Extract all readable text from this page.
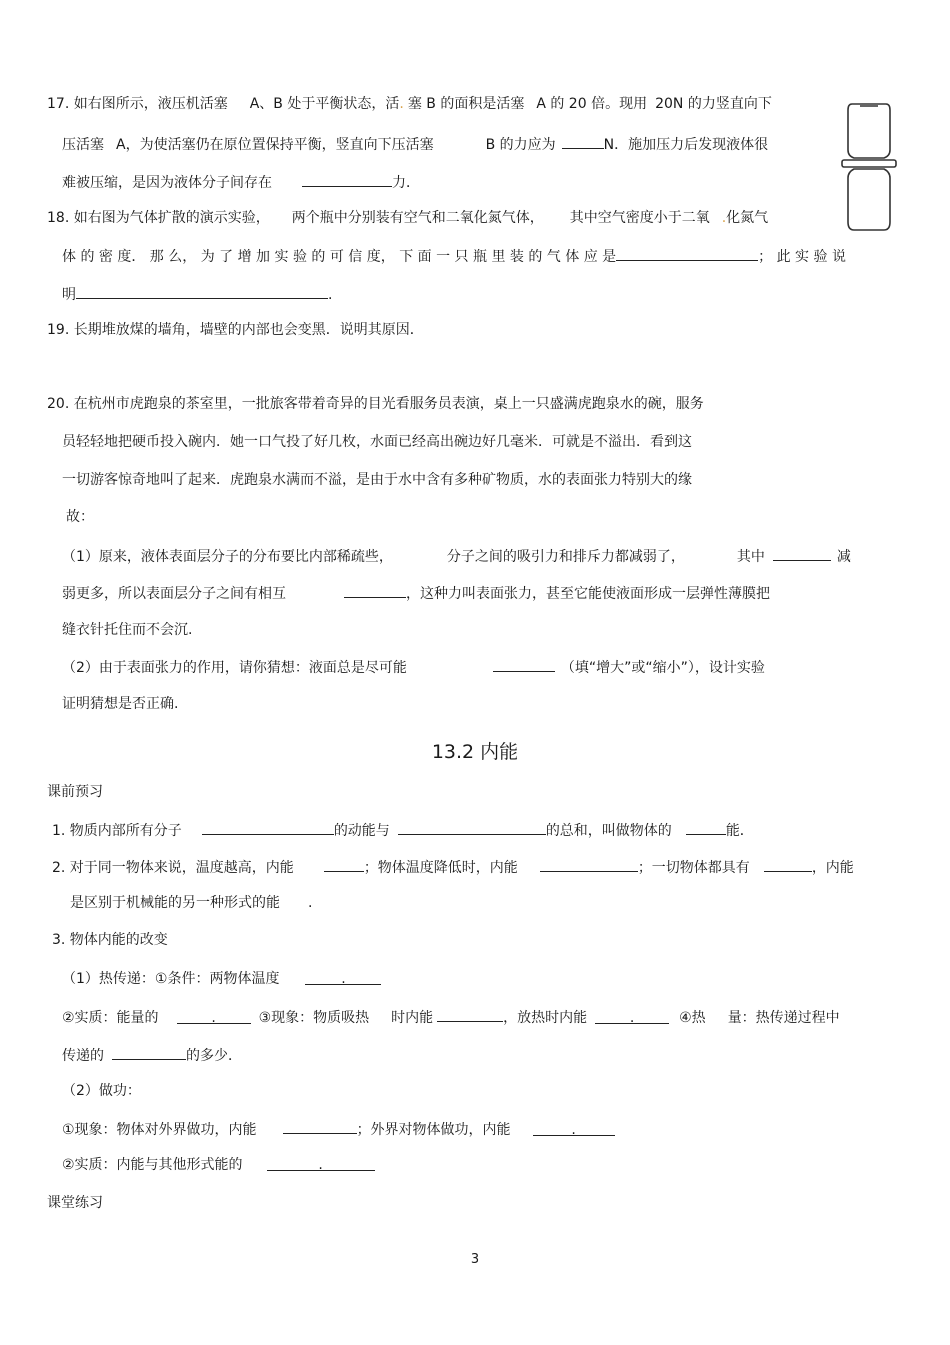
17. 如右图所示，液压机活塞 A、B 处于平衡状态，活. 塞 B 的面积是活塞 A 的 20 倍。现用 20N 的力竖直向下
压活塞 A，为使活塞仍在原位置保持平衡，竖直向下压活塞	B 的力应为	N．施加压力后发现液体很
难被压缩，是因为液体分子间存在	力．
18. 如右图为气体扩散的演示实验， 两个瓶中分别装有空气和二氧化氮气体， 其中空气密度小于二氧 .化氮气
体 的 密 度． 那 么， 为 了 增 加 实 验 的 可 信 度， 下 面 一 只 瓶 里 装 的 气 体 应 是	； 此 实 验 说
明	.
19. 长期堆放煤的墙角，墙壁的内部也会变黑．说明其原因．
20. 在杭州市虎跑泉的茶室里，一批旅客带着奇异的目光看服务员表演，桌上一只盛满虎跑泉水的碗，服务
员轻轻地把硬币投入碗内．她一口气投了好几枚，水面已经高出碗边好几毫米．可就是不溢出．看到这
一切游客惊奇地叫了起来．虎跑泉水满而不溢，是由于水中含有多种矿物质，水的表面张力特别大的缘
故：
（1）原来，液体表面层分子的分布要比内部稀疏些，	分子之间的吸引力和排斥力都减弱了，	其中	减
弱更多，所以表面层分子之间有相互	，这种力叫表面张力，甚至它能使液面形成一层弹性薄膜把
缝衣针托住而不会沉.
（2）由于表面张力的作用，请你猜想：液面总是尽可能	（填“增大”或“缩小”），设计实验
证明猜想是否正确.
13.2 内能
课前预习
1. 物质内部所有分子	的动能与	的总和，叫做物体的	能．
2. 对于同一物体来说，温度越高，内能	；物体温度降低时，内能	；一切物体都具有	，内能
是区别于机械能的另一种形式的能 .
3. 物体内能的改变
（1）热传递：①条件：两物体温度	.
②实质：能量的	.	③现象：物质吸热 时内能	，放热时内能	.	④热 量：热传递过程中
传递的	的多少．
（2）做功：
①现象：物体对外界做功，内能	；外界对物体做功，内能	.
②实质：内能与其他形式能的	.
课堂练习
3
